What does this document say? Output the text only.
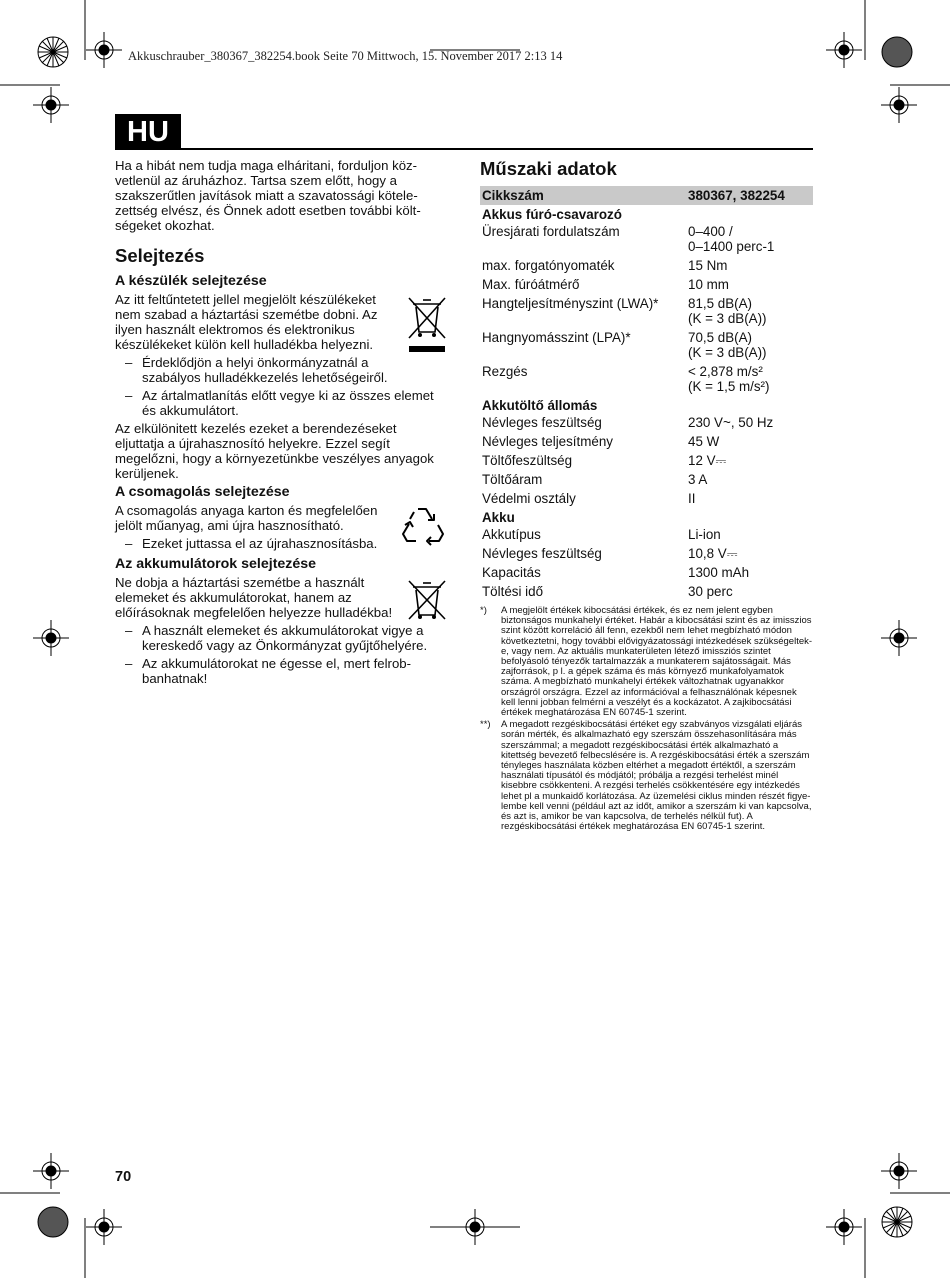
Akkuschrauber_380367_382254.book Seite 70 Mittwoch, 15. November 2017 2:13 14
HU

Ha a hibát nem tudja maga elháritani, forduljon közvetlenül az áruházhoz. Tartsa szem előtt, hogy a szakszerűtlen javítások miatt a szavatossági kötelezettség elvész, és Önnek adott esetben további költségeket okozhat.

Selejtezés
A készülék selejtezése

Az itt feltűntetett jellel megjelölt készülékeket nem szabad a háztartási szemétbe dobni. Az ilyen használt elektromos és elektronikus készülékeket külön kell hulladékba helyezni.

– Érdeklődjön a helyi önkormányzatnál a szabályos hulladékkezelés lehetőségeiről.
– Az ártalmatlanítás előtt vegye ki az összes elemet és akkumulátort.

Az elkülönitett kezelés ezeket a berendezéseket eljuttatja a újrahasznosító helyekre. Ezzel segít megelőzni, hogy a környezetünkbe veszélyes anyagok kerüljenek.

A csomagolás selejtezése

A csomagolás anyaga karton és megfelelően jelölt műanyag, ami újra hasznosítható.

– Ezeket juttassa el az újrahasznosításba.
Az akkumulátorok selejtezése

Ne dobja a háztartási szemétbe a használt elemeket és akkumulátorokat, hanem az előírásoknak megfelelően helyezze hulladékba!

– A használt elemeket és akkumulátorokat vigye a kereskedő vagy az Önkormányzat gyűjtőhelyére.
– Az akkumulátorokat ne égesse el, mert felrobbanhatnak!
Műszaki adatok
Cikkszám	380367, 382254
Akkus fúró-csavarozó	
Üresjárati fordulatszám	0–400 /
0–1400 perc-1
max. forgatónyomaték	15 Nm
Max. fúróátmérő	10 mm
Hangteljesítményszint (LWA)*	81,5 dB(A)
(K = 3 dB(A))
Hangnyomásszint (LPA)*	70,5 dB(A)
(K = 3 dB(A))
Rezgés	< 2,878 m/s²
(K = 1,5 m/s²)
Akkutöltő állomás	
Névleges feszültség	230 V~, 50 Hz
Névleges teljesítmény	45 W
Töltőfeszültség	12 V⎓
Töltőáram	3 A
Védelmi osztály	II
Akku	
Akkutípus	Li-ion
Névleges feszültség	10,8 V⎓
Kapacitás	1300 mAh
Töltési idő	30 perc
*) A megjelölt értékek kibocsátási értékek, és ez nem jelent egyben biztonságos munkahelyi értéket. Habár a kibocsátási szint és az imisszios szint között korreláció áll fenn, ezekből nem lehet megbízható módon következtetni, hogy további elővigyázatossági intézkedések szükségeltek-e, vagy nem. Az aktuális munkaterületen létező imissziós szintet befolyásoló tényezők tartalmazzák a munkaterem sajátosságait. Más zajforrások, p l. a gépek száma és más környező munkafolyamatok száma. A megbízható munkahelyi értékek változhatnak ugyanakkor országról országra. Ezzel az információval a felhasználónak képesnek kell lenni jobban felmérni a veszélyt és a kockázatot. A zajkibocsátási értékek meghatározása EN 60745-1 szerint.
**) A megadott rezgéskibocsátási értéket egy szabványos vizsgálati eljárás során mérték, és alkalmazható egy szerszám összehasonlítására más szerszámmal; a megadott rezgéskibocsátási érték alkalmazható a kitettség bevezető felbecslésére is. A rezgéskibocsátási érték a szerszám tényleges használata közben eltérhet a megadott értéktől, a szerszám használati típusától és módjától; próbálja a rezgési terhelést minél kisebbre csökkenteni. A rezgési terhelés csökkentésére egy intézkedés lehet pl a munkaidő korlátozása. Az üzemelési ciklus minden részét figyelembe kell venni (például azt az időt, amikor a szerszám ki van kapcsolva, és azt is, amikor be van kapcsolva, de terhelés nélkül fut). A rezgéskibocsátási értékek meghatározása EN 60745-1 szerint.
70
